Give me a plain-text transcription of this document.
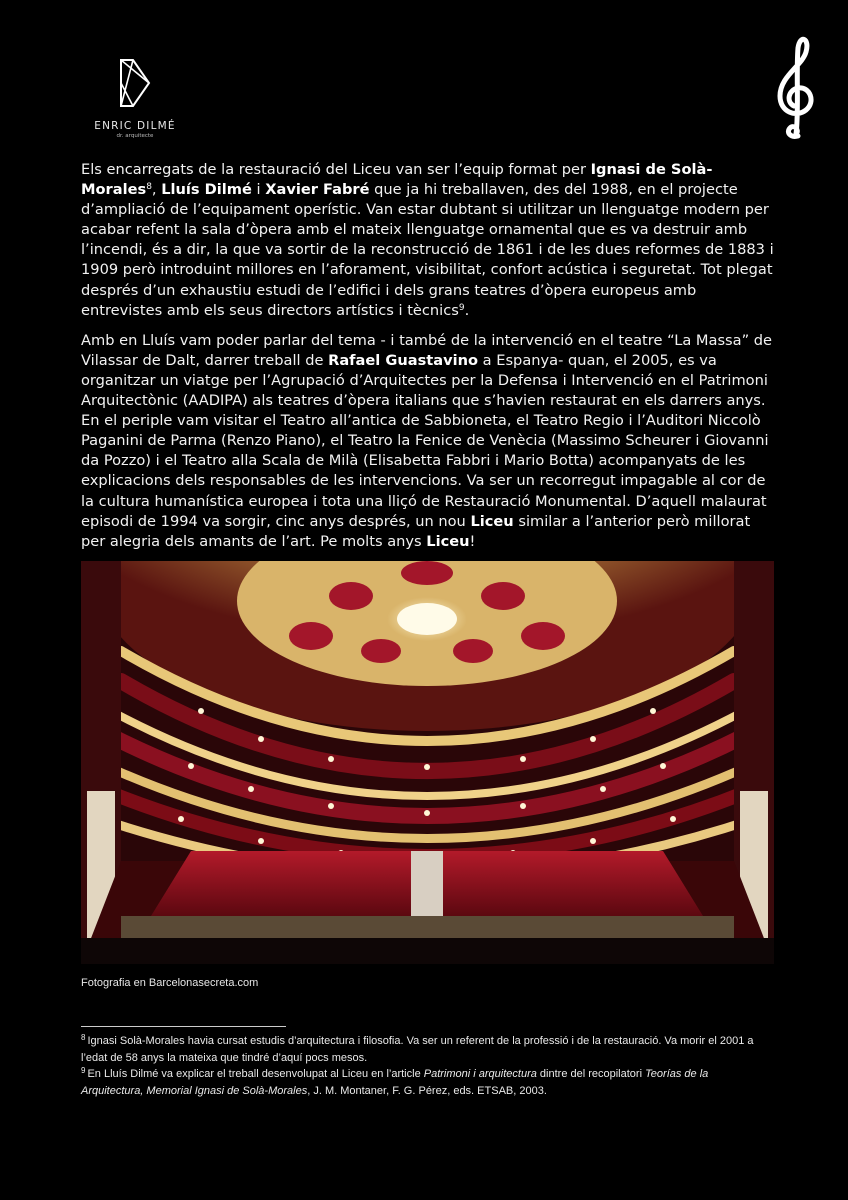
ENRIC DILMÉ
dr. arquitecte

Els encarregats de la restauració del Liceu van ser l’equip format per Ignasi de Solà-Morales$^8$, Lluís Dilmé i Xavier Fabré que ja hi treballaven, des del 1988, en el projecte d’ampliació de l’equipament operístic. Van estar dubtant si utilitzar un llenguatge modern per acabar refent la sala d’òpera amb el mateix llenguatge ornamental que es va destruir amb l’incendi, és a dir, la que va sortir de la reconstrucció de 1861 i de les dues reformes de 1883 i 1909 però introduint millores en l’aforament, visibilitat, confort acústica i seguretat. Tot plegat després d’un exhaustiu estudi de l’edifici i dels grans teatres d’òpera europeus amb entrevistes amb els seus directors artístics i tècnics$^9$.

Amb en Lluís vam poder parlar del tema - i també de la intervenció en el teatre “La Massa” de Vilassar de Dalt, darrer treball de Rafael Guastavino a Espanya- quan, el 2005, es va organitzar un viatge per l’Agrupació d’Arquitectes per la Defensa i Intervenció en el Patrimoni Arquitectònic (AADIPA) als teatres d’òpera italians que s’havien restaurat en els darrers anys. En el periple vam visitar el Teatro all’antica de Sabbioneta, el Teatro Regio i l’Auditori Niccolò Paganini de Parma (Renzo Piano), el Teatro la Fenice de Venècia (Massimo Scheurer i Giovanni da Pozzo) i el Teatro alla Scala de Milà (Elisabetta Fabbri i Mario Botta) acompanyats de les explicacions dels responsables de les intervencions. Va ser un recorregut impagable al cor de la cultura humanística europea i tota una lliçó de Restauració Monumental. D’aquell malaurat episodi de 1994 va sorgir, cinc anys després, un nou Liceu similar a l’anterior però millorat per alegria dels amants de l’art. Pe molts anys Liceu!

Fotografia en Barcelonasecreta.com

$^8$ Ignasi Solà-Morales havia cursat estudis d’arquitectura i filosofia. Va ser un referent de la professió i de la restauració. Va morir el 2001 a l’edat de 58 anys la mateixa que tindré d’aquí pocs mesos.

$^9$ En Lluís Dilmé va explicar el treball desenvolupat al Liceu en l’article Patrimoni i arquitectura dintre del recopilatori Teorías de la Arquitectura, Memorial Ignasi de Solà-Morales, J. M. Montaner, F. G. Pérez, eds. ETSAB, 2003.
